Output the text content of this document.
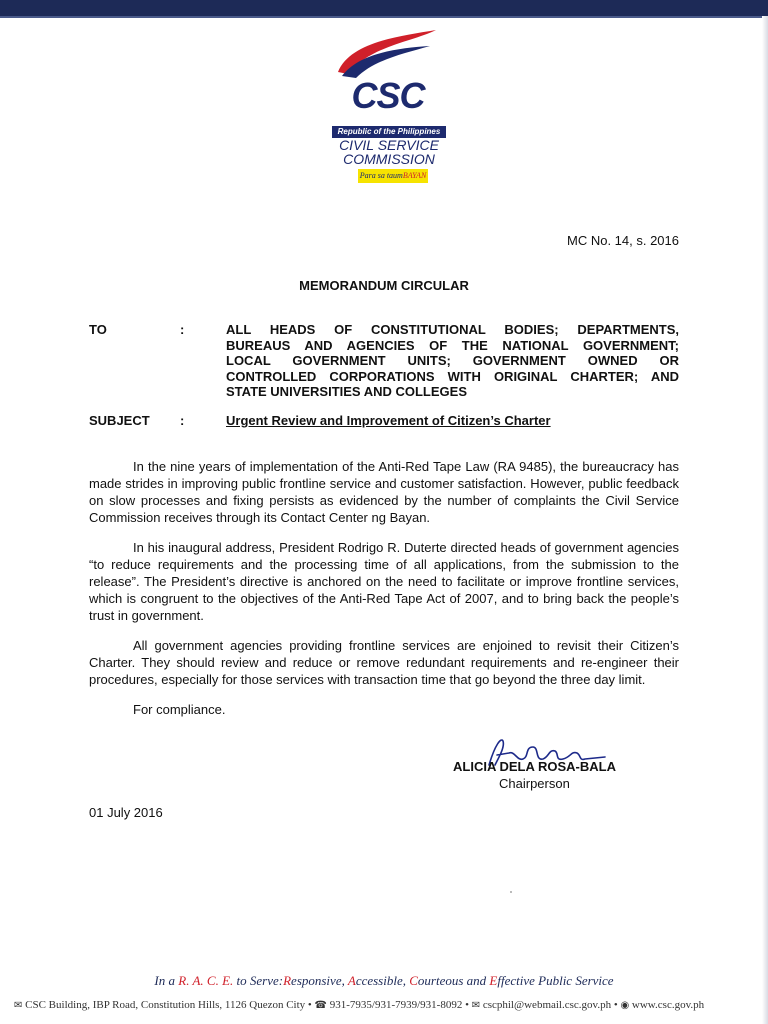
CSC
Republic of the Philippines
CIVIL SERVICE
COMMISSION
Para sa taumBAYAN
MC No. 14, s. 2016
MEMORANDUM CIRCULAR
TO	:	ALL HEADS OF CONSTITUTIONAL BODIES; DEPARTMENTS,
BUREAUS AND AGENCIES OF THE NATIONAL GOVERNMENT;
LOCAL GOVERNMENT UNITS; GOVERNMENT OWNED OR
CONTROLLED CORPORATIONS WITH ORIGINAL CHARTER; AND
STATE UNIVERSITIES AND COLLEGES
SUBJECT :	Urgent Review and Improvement of Citizen’s Charter
In the nine years of implementation of the Anti-Red Tape Law (RA 9485), the bureaucracy has made strides in improving public frontline service and customer satisfaction. However, public feedback on slow processes and fixing persists as evidenced by the number of complaints the Civil Service Commission receives through its Contact Center ng Bayan.
In his inaugural address, President Rodrigo R. Duterte directed heads of government agencies “to reduce requirements and the processing time of all applications, from the submission to the release”. The President’s directive is anchored on the need to facilitate or improve frontline services, which is congruent to the objectives of the Anti-Red Tape Act of 2007, and to bring back the people’s trust in government.
All government agencies providing frontline services are enjoined to revisit their Citizen’s Charter. They should review and reduce or remove redundant requirements and re-engineer their procedures, especially for those services with transaction time that go beyond the three day limit.
For compliance.
ALICIA DELA ROSA-BALA
Chairperson
01 July 2016
In a R. A. C. E. to Serve:Responsive, Accessible, Courteous and Effective Public Service
✉ CSC Building, IBP Road, Constitution Hills, 1126 Quezon City • ☎ 931-7935/931-7939/931-8092 • ✉ cscphil@webmail.csc.gov.ph • ◉ www.csc.gov.ph
